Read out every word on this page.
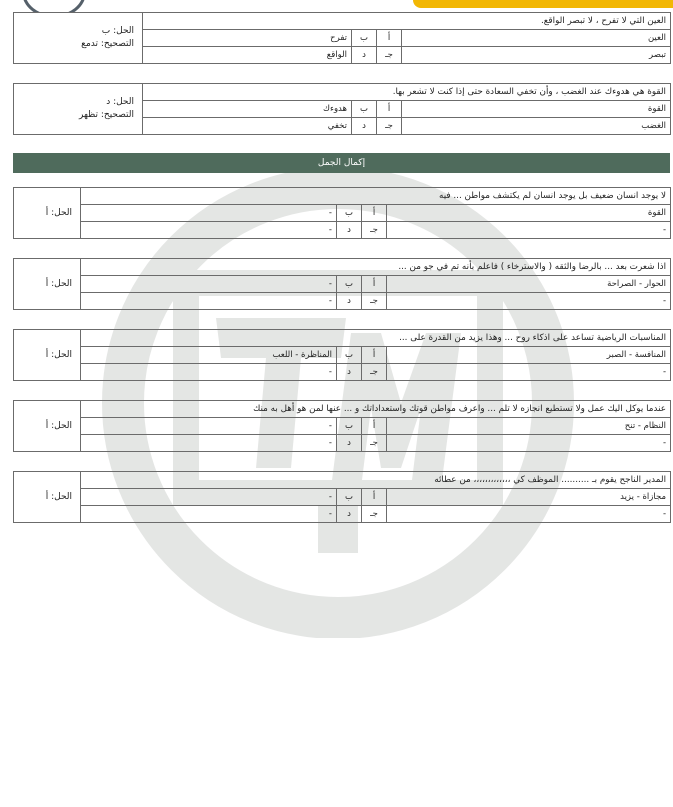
الحل: ب
التصحيح: تدمع	العين التي لا تفرح ، لا تبصر الواقع.			
	تفرح	ب	أ	العين
	الواقع	د	جـ	تبصر
الحل: د
التصحيح: تظهر	القوة هي هدوءك عند الغضب ، وأن تخفي السعادة حتى إذا كنت لا تشعر بها.			
	هدوءك	ب	أ	القوة
	تخفي	د	جـ	الغضب
إكمال الجمل
الحل: أ	لا يوجد انسان ضعيف بل يوجد انسان لم يكتشف مواطن ... فيه			
	-	ب	أ	القوة
	-	د	جـ	-
الحل: أ	اذا شعرت بعد ... بالرضا والثقه ( والاسترخاء ) فاعلم بأنه تم في جو من ...			
	-	ب	أ	الحوار - الصراحة
	-	د	جـ	-
الحل: أ	المناسبات الرياضية تساعد على اذكاء روح ... وهذا يزيد من القدرة على ...			
	المناظرة - اللعب	ب	أ	المنافسة - الصبر
	-	د	جـ	-
الحل: أ	عندما يوكل اليك عمل ولا تستطيع انجازه لا تلم ... واعرف مواطن قوتك واستعداداتك و ... عنها لمن هو أهل به منك			
	-	ب	أ	النظام - تنح
	-	د	جـ	-
الحل: أ	المدير الناجح يقوم بـ .......... الموظف كي ،،،،،،،،،،،،، من عطائه			
	-	ب	أ	مجازاة - يزيد
	-	د	جـ	-
